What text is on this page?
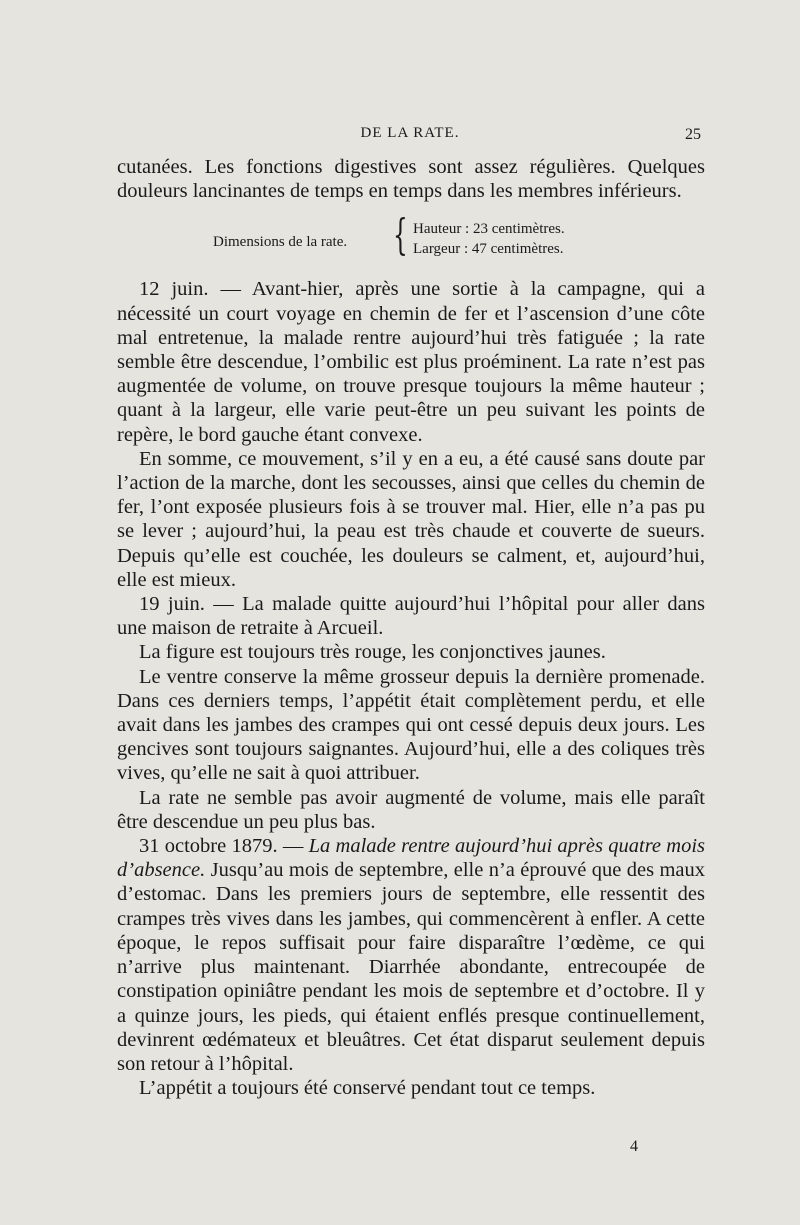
DE LA RATE.	25

cutanées. Les fonctions digestives sont assez régulières. Quelques douleurs lancinantes de temps en temps dans les membres inférieurs.

Dimensions de la rate. { Hauteur : 23 centimètres.
Largeur : 47 centimètres.

12 juin. — Avant-hier, après une sortie à la campagne, qui a nécessité un court voyage en chemin de fer et l’ascension d’une côte mal entretenue, la malade rentre aujourd’hui très fatiguée ; la rate semble être descendue, l’ombilic est plus proéminent. La rate n’est pas augmentée de volume, on trouve presque toujours la même hauteur ; quant à la largeur, elle varie peut-être un peu suivant les points de repère, le bord gauche étant convexe.

En somme, ce mouvement, s’il y en a eu, a été causé sans doute par l’action de la marche, dont les secousses, ainsi que celles du chemin de fer, l’ont exposée plusieurs fois à se trouver mal. Hier, elle n’a pas pu se lever ; aujourd’hui, la peau est très chaude et couverte de sueurs. Depuis qu’elle est couchée, les douleurs se calment, et, aujourd’hui, elle est mieux.

19 juin. — La malade quitte aujourd’hui l’hôpital pour aller dans une maison de retraite à Arcueil.

La figure est toujours très rouge, les conjonctives jaunes.

Le ventre conserve la même grosseur depuis la dernière promenade. Dans ces derniers temps, l’appétit était complètement perdu, et elle avait dans les jambes des crampes qui ont cessé depuis deux jours. Les gencives sont toujours saignantes. Aujourd’hui, elle a des coliques très vives, qu’elle ne sait à quoi attribuer.

La rate ne semble pas avoir augmenté de volume, mais elle paraît être descendue un peu plus bas.

31 octobre 1879. — La malade rentre aujourd’hui après quatre mois d’absence. Jusqu’au mois de septembre, elle n’a éprouvé que des maux d’estomac. Dans les premiers jours de septembre, elle ressentit des crampes très vives dans les jambes, qui commencèrent à enfler. A cette époque, le repos suffisait pour faire disparaître l’œdème, ce qui n’arrive plus maintenant. Diarrhée abondante, entrecoupée de constipation opiniâtre pendant les mois de septembre et d’octobre. Il y a quinze jours, les pieds, qui étaient enflés presque continuellement, devinrent œdémateux et bleuâtres. Cet état disparut seulement depuis son retour à l’hôpital.

L’appétit a toujours été conservé pendant tout ce temps.

4
